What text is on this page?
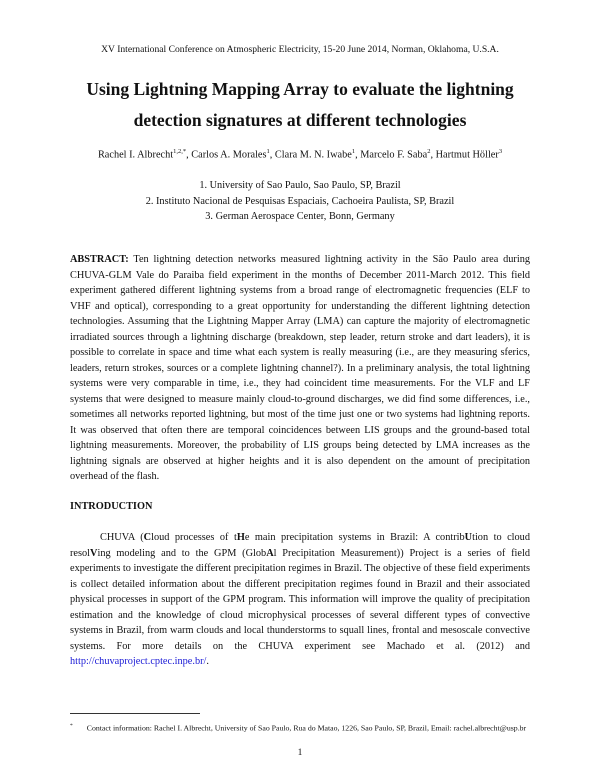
XV International Conference on Atmospheric Electricity, 15-20 June 2014, Norman, Oklahoma, U.S.A.
Using Lightning Mapping Array to evaluate the lightning
detection signatures at different technologies
Rachel I. Albrecht$^{1,2,*}$, Carlos A. Morales$^1$, Clara M. N. Iwabe$^1$, Marcelo F. Saba$^2$, Hartmut Höller$^3$
1. University of Sao Paulo, Sao Paulo, SP, Brazil
2. Instituto Nacional de Pesquisas Espaciais, Cachoeira Paulista, SP, Brazil
3. German Aerospace Center, Bonn, Germany
ABSTRACT: Ten lightning detection networks measured lightning activity in the São Paulo area during CHUVA-GLM Vale do Paraiba field experiment in the months of December 2011-March 2012. This field experiment gathered different lightning systems from a broad range of electromagnetic frequencies (ELF to VHF and optical), corresponding to a great opportunity for understanding the different lightning detection technologies. Assuming that the Lightning Mapper Array (LMA) can capture the majority of electromagnetic irradiated sources through a lightning discharge (breakdown, step leader, return stroke and dart leaders), it is possible to correlate in space and time what each system is really measuring (i.e., are they measuring sferics, leaders, return strokes, sources or a complete lightning channel?). In a preliminary analysis, the total lightning systems were very comparable in time, i.e., they had coincident time measurements. For the VLF and LF systems that were designed to measure mainly cloud-to-ground discharges, we did find some differences, i.e., sometimes all networks reported lightning, but most of the time just one or two systems had lightning reports. It was observed that often there are temporal coincidences between LIS groups and the ground-based total lightning measurements. Moreover, the probability of LIS groups being detected by LMA increases as the lightning signals are observed at higher heights and it is also dependent on the amount of precipitation overhead of the flash.
INTRODUCTION
CHUVA (Cloud processes of tHe main precipitation systems in Brazil: A contribUtion to cloud resolVing modeling and to the GPM (GlobAl Precipitation Measurement)) Project is a series of field experiments to investigate the different precipitation regimes in Brazil. The objective of these field experiments is collect detailed information about the different precipitation regimes found in Brazil and their associated physical processes in support of the GPM program. This information will improve the quality of precipitation estimation and the knowledge of cloud microphysical processes of several different types of convective systems in Brazil, from warm clouds and local thunderstorms to squall lines, frontal and mesoscale convective systems. For more details on the CHUVA experiment see Machado et al. (2012) and http://chuvaproject.cptec.inpe.br/.
* Contact information: Rachel I. Albrecht, University of Sao Paulo, Rua do Matao, 1226, Sao Paulo, SP, Brazil, Email: rachel.albrecht@usp.br
1
